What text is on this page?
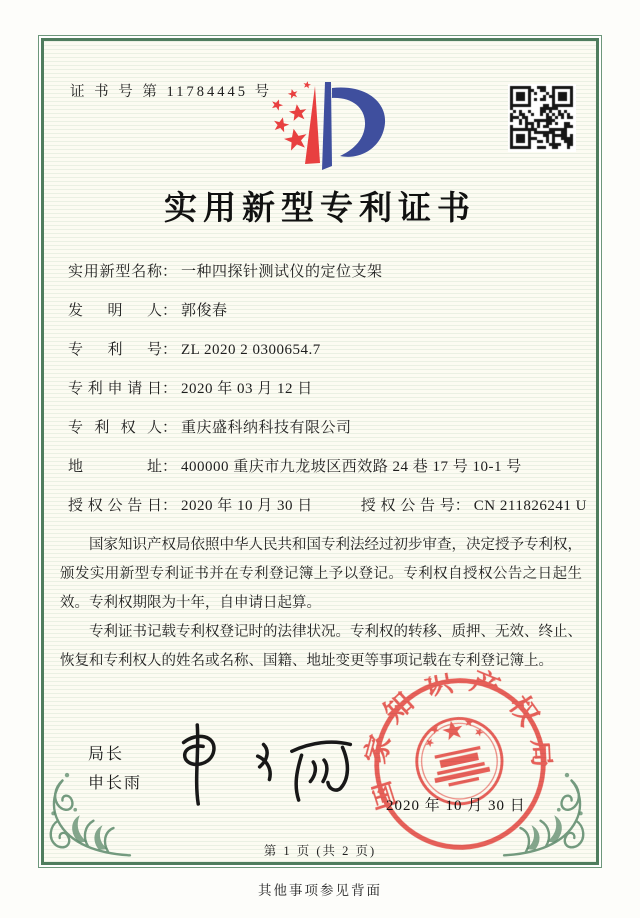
证 书 号 第 11784445 号
实用新型专利证书
实用新型名称： 一种四探针测试仪的定位支架
发明人： 郭俊春
专利号： ZL 2020 2 0300654.7
专利申请日： 2020 年 03 月 12 日
专利权人： 重庆盛科纳科技有限公司
地址： 400000 重庆市九龙坡区西效路 24 巷 17 号 10-1 号
授权公告日： 2020 年 10 月 30 日	授权公告号： CN 211826241 U

国家知识产权局依照中华人民共和国专利法经过初步审查，决定授予专利权，颁发实用新型专利证书并在专利登记簿上予以登记。专利权自授权公告之日起生效。专利权期限为十年，自申请日起算。

专利证书记载专利权登记时的法律状况。专利权的转移、质押、无效、终止、恢复和专利权人的姓名或名称、国籍、地址变更等事项记载在专利登记簿上。

局长
申长雨	国家知识产权局
2020 年 10 月 30 日
第 1 页 (共 2 页)
其他事项参见背面
